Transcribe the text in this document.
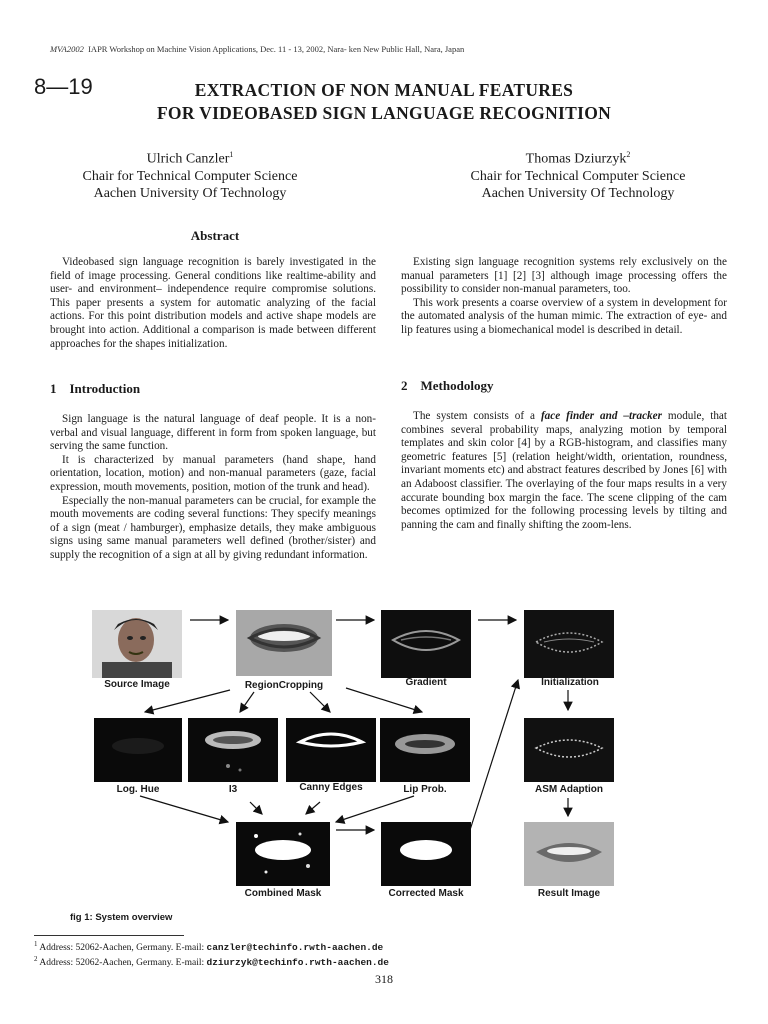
MVA2002 IAPR Workshop on Machine Vision Applications, Dec. 11 - 13, 2002, Nara- ken New Public Hall, Nara, Japan
8—19	EXTRACTION OF NON MANUAL FEATURES
FOR VIDEOBASED SIGN LANGUAGE RECOGNITION
Ulrich Canzler$^1$
Chair for Technical Computer Science
Aachen University Of Technology
Thomas Dziurzyk$^2$
Chair for Technical Computer Science
Aachen University Of Technology
Abstract

Videobased sign language recognition is barely investigated in the field of image processing. General conditions like realtime-ability and user- and environment– independence require compromise solutions. This paper presents a system for automatic analyzing of the facial actions. For this point distribution models and active shape models are brought into action. Additional a comparison is made between different approaches for the shapes initialization.

1 Introduction

Sign language is the natural language of deaf people. It is a non-verbal and visual language, different in form from spoken language, but serving the same function.

It is characterized by manual parameters (hand shape, hand orientation, location, motion) and non-manual parameters (gaze, facial expression, mouth movements, position, motion of the trunk and head).

Especially the non-manual parameters can be crucial, for example the mouth movements are coding several functions: They specify meanings of a sign (meat / hamburger), emphasize details, they make ambiguous signs using same manual parameters well defined (brother/sister) and supply the recognition of a sign at all by giving redundant information.

Existing sign language recognition systems rely exclusively on the manual parameters [1] [2] [3] although image processing offers the possibility to consider non-manual parameters, too.

This work presents a coarse overview of a system in development for the automated analysis of the human mimic. The extraction of eye- and lip features using a biomechanical model is described in detail.

2 Methodology

The system consists of a face finder and –tracker module, that combines several probability maps, analyzing motion by temporal templates and skin color [4] by a RGB-histogram, and classifies many geometric features [5] (relation height/width, orientation, roundness, invariant moments etc) and abstract features described by Jones [6] with an Adaboost classifier. The overlaying of the four maps results in a very accurate bounding box margin the face. The scene clipping of the cam becomes optimized for the following processing levels by tilting and panning the cam and finally shifting the zoom-lens.

Source Image	RegionCropping	Gradient	Initialization
Log. Hue	I3	Canny Edges	Lip Prob.	ASM Adaption
Combined Mask	Corrected Mask	Result Image
fig 1: System overview
$^1$ Address: 52062-Aachen, Germany. E-mail: canzler@techinfo.rwth-aachen.de
$^2$ Address: 52062-Aachen, Germany. E-mail: dziurzyk@techinfo.rwth-aachen.de
318
